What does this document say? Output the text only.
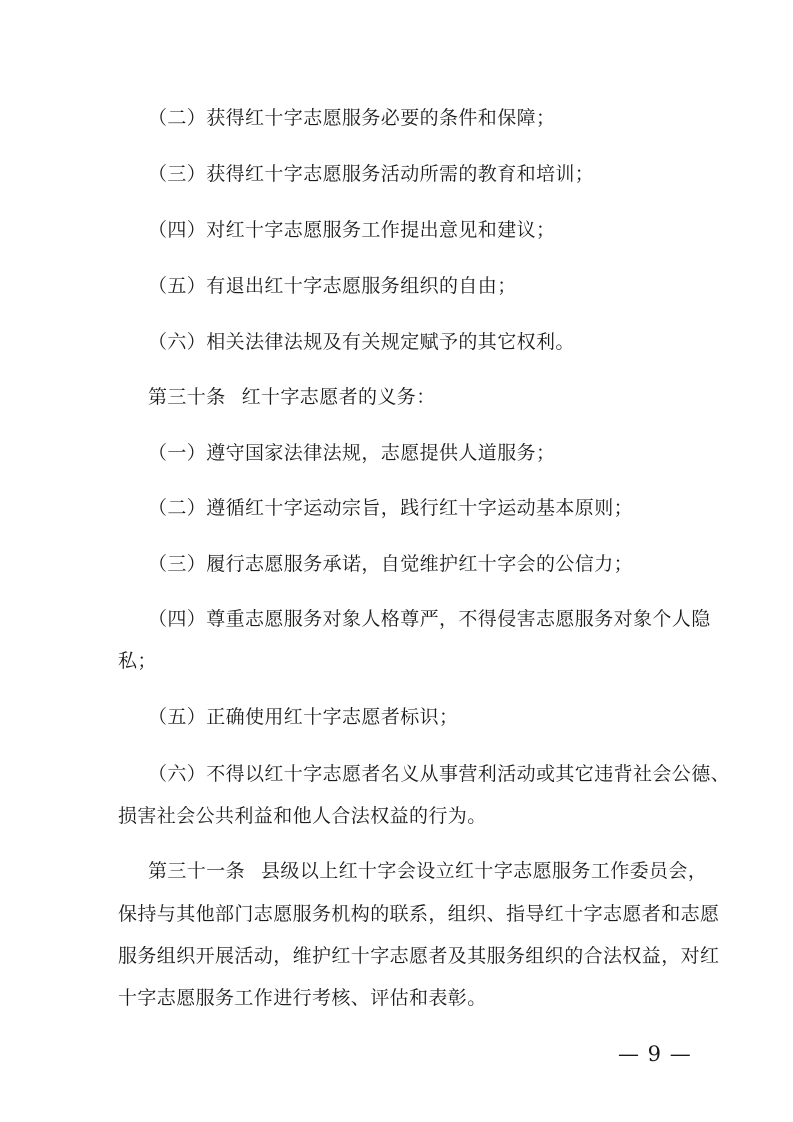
（二）获得红十字志愿服务必要的条件和保障；
（三）获得红十字志愿服务活动所需的教育和培训；
（四）对红十字志愿服务工作提出意见和建议；
（五）有退出红十字志愿服务组织的自由；
（六）相关法律法规及有关规定赋予的其它权利。
第三十条 红十字志愿者的义务：
（一）遵守国家法律法规，志愿提供人道服务；
（二）遵循红十字运动宗旨，践行红十字运动基本原则；
（三）履行志愿服务承诺，自觉维护红十字会的公信力；
（四）尊重志愿服务对象人格尊严，不得侵害志愿服务对象个人隐
私；
（五）正确使用红十字志愿者标识；
（六）不得以红十字志愿者名义从事营利活动或其它违背社会公德、
损害社会公共利益和他人合法权益的行为。
第三十一条 县级以上红十字会设立红十字志愿服务工作委员会，
保持与其他部门志愿服务机构的联系，组织、指导红十字志愿者和志愿
服务组织开展活动，维护红十字志愿者及其服务组织的合法权益，对红
十字志愿服务工作进行考核、评估和表彰。
— 9 —
